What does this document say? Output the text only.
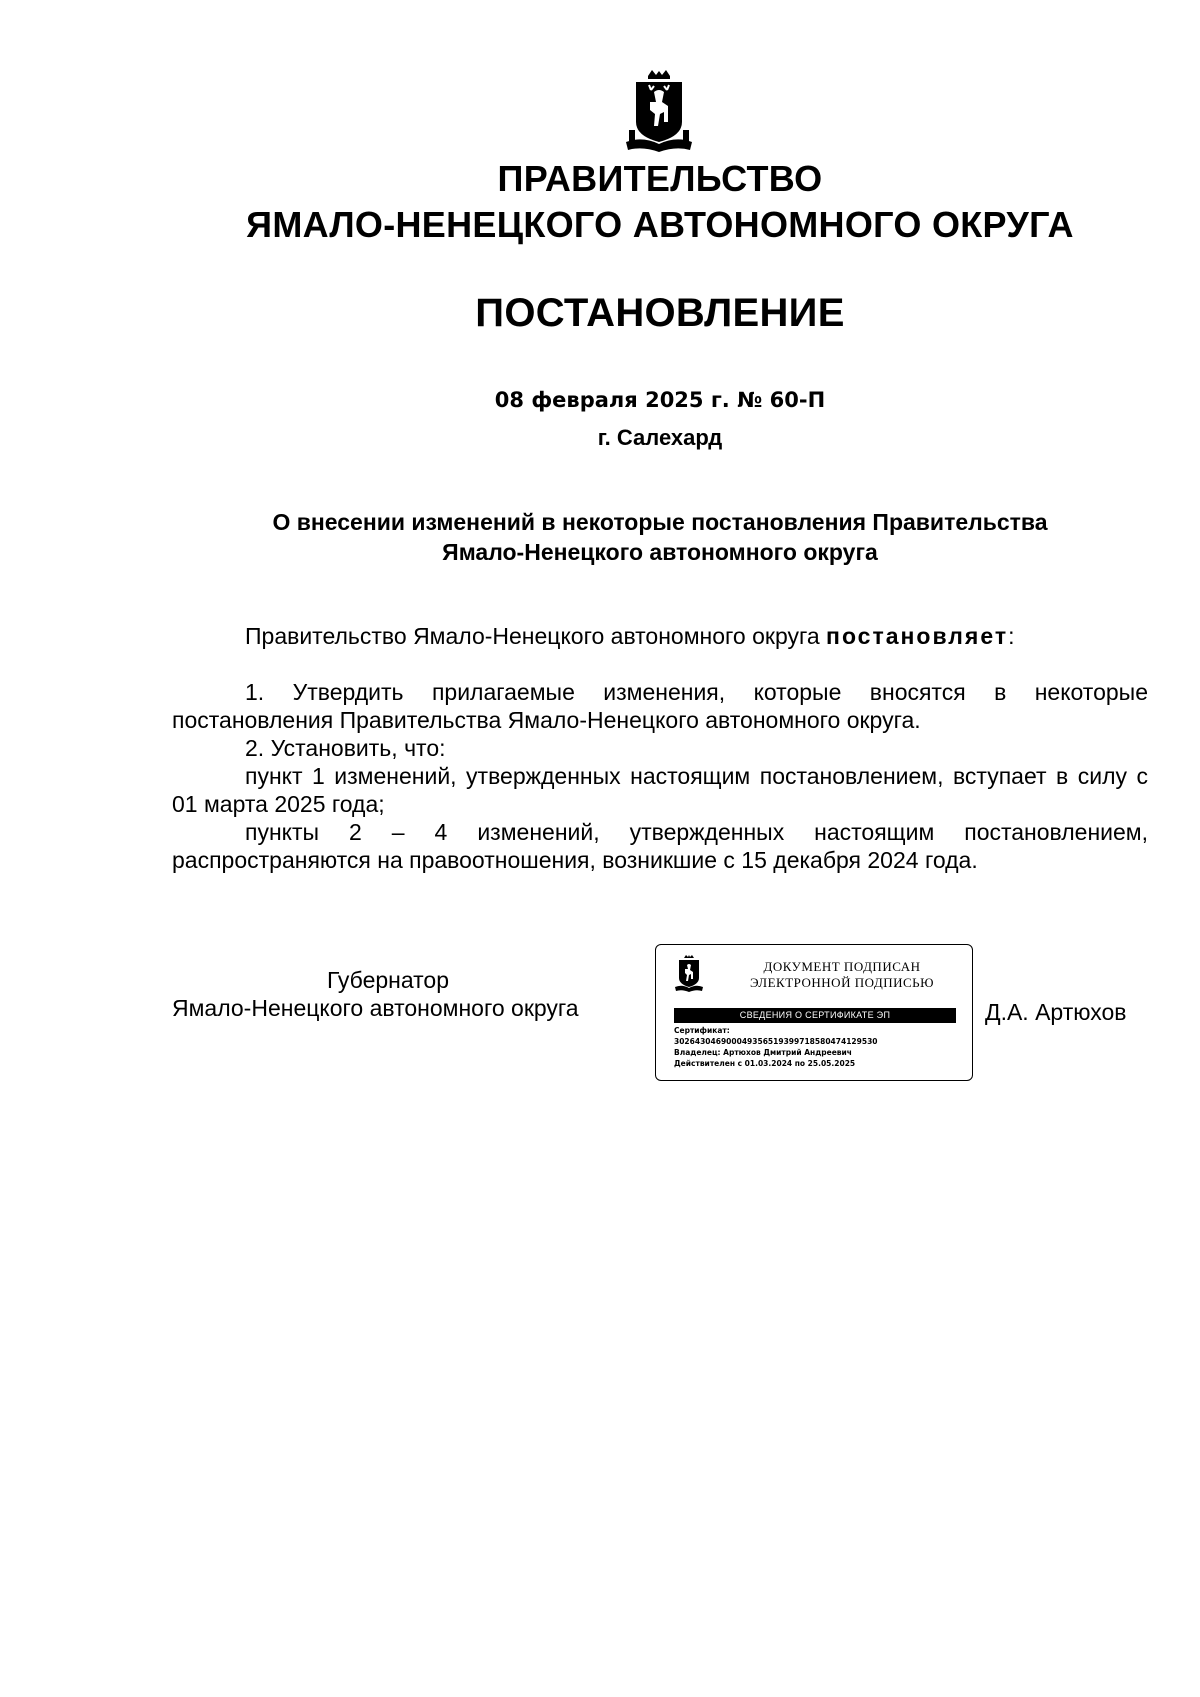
ПРАВИТЕЛЬСТВО
ЯМАЛО-НЕНЕЦКОГО АВТОНОМНОГО ОКРУГА
ПОСТАНОВЛЕНИЕ
08 февраля 2025 г. № 60-П
г. Салехард
О внесении изменений в некоторые постановления Правительства
Ямало-Ненецкого автономного округа
Правительство Ямало-Ненецкого автономного округа постановляет:

1. Утвердить прилагаемые изменения, которые вносятся в некоторые постановления Правительства Ямало-Ненецкого автономного округа.

2. Установить, что:

пункт 1 изменений, утвержденных настоящим постановлением, вступает в силу с 01 марта 2025 года;

пункты 2 – 4 изменений, утвержденных настоящим постановлением, распространяются на правоотношения, возникшие с 15 декабря 2024 года.

Губернатор
Ямало-Ненецкого автономного округа
ДОКУМЕНТ ПОДПИСАН
ЭЛЕКТРОННОЙ ПОДПИСЬЮ
СВЕДЕНИЯ О СЕРТИФИКАТЕ ЭП
Сертификат:
302643046900049356519399718580474129530
Владелец: Артюхов Дмитрий Андреевич
Действителен с 01.03.2024 по 25.05.2025
Д.А. Артюхов
